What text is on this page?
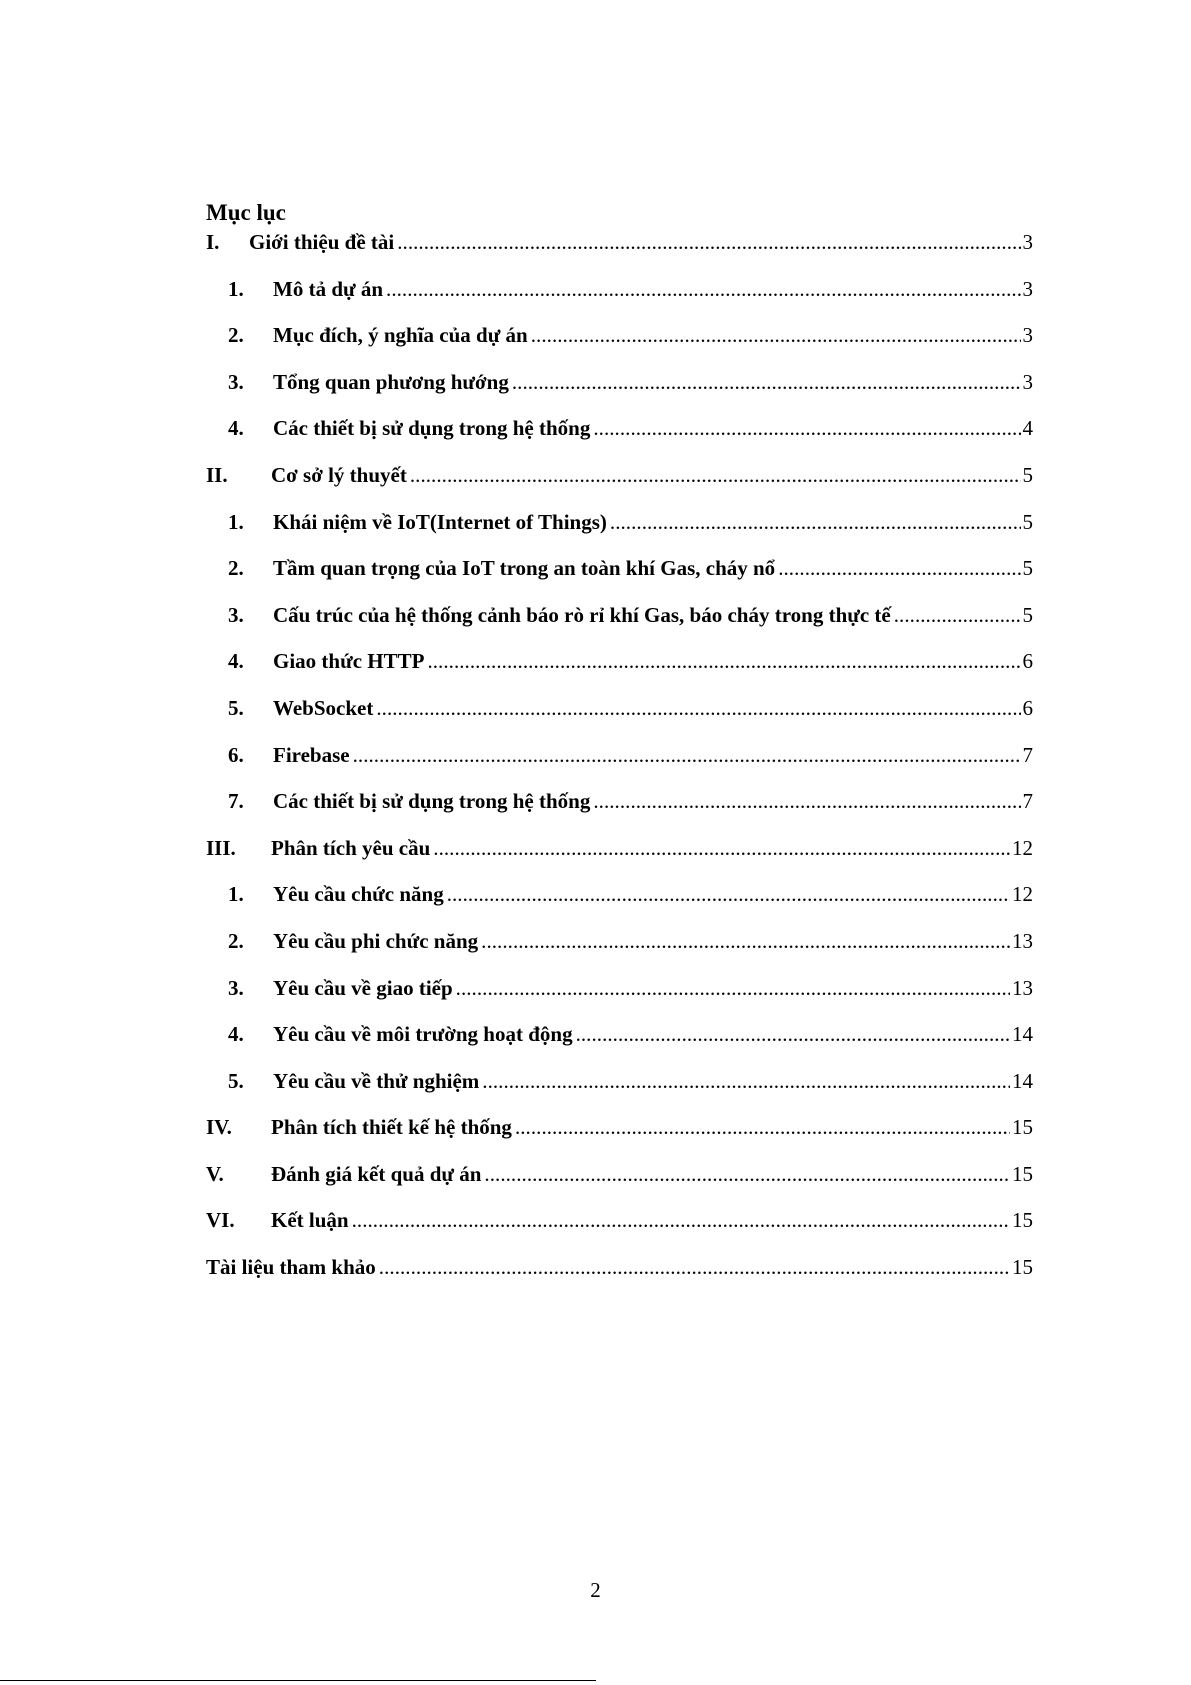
Mục lục
I.	Giới thiệu đề tài . . .	3
1.	Mô tả dự án . . .	3
2.	Mục đích, ý nghĩa của dự án . . .	3
3.	Tổng quan phương hướng . . .	3
4.	Các thiết bị sử dụng trong hệ thống . . .	4
II.	Cơ sở lý thuyết . . .	5
1.	Khái niệm về IoT(Internet of Things) . . .	5
2.	Tầm quan trọng của IoT trong an toàn khí Gas, cháy nổ . . .	5
3.	Cấu trúc của hệ thống cảnh báo rò rỉ khí Gas, báo cháy trong thực tế . . .	5
4.	Giao thức HTTP . . .	6
5.	WebSocket . . .	6
6.	Firebase . . .	7
7.	Các thiết bị sử dụng trong hệ thống . . .	7
III.	Phân tích yêu cầu . . .	12
1.	Yêu cầu chức năng . . .	12
2.	Yêu cầu phi chức năng . . .	13
3.	Yêu cầu về giao tiếp . . .	13
4.	Yêu cầu về môi trường hoạt động . . .	14
5.	Yêu cầu về thử nghiệm . . .	14
IV.	Phân tích thiết kế hệ thống . . .	15
V.	Đánh giá kết quả dự án . . .	15
VI.	Kết luận . . .	15
Tài liệu tham khảo . . .	15
2
